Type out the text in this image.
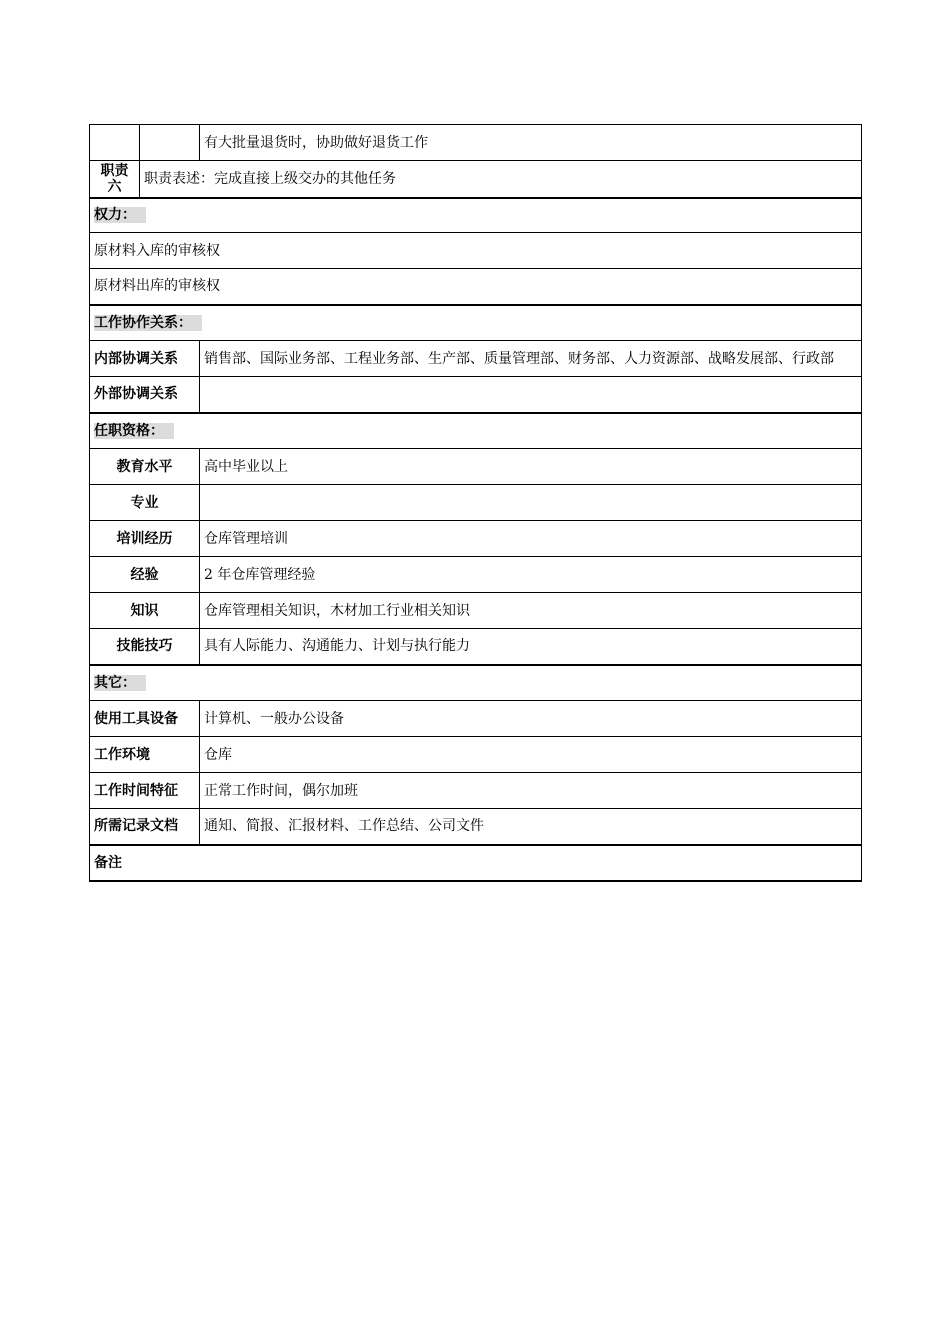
		有大批量退货时，协助做好退货工作

职责
六	职责表述：完成直接上级交办的其他任务	
权力：		
原材料入库的审核权		
原材料出库的审核权		
工作协作关系：		
内部协调关系		销售部、国际业务部、工程业务部、生产部、质量管理部、财务部、人力资源部、战略发展部、行政部
外部协调关系		
任职资格：		
教育水平		高中毕业以上
专业		
培训经历		仓库管理培训
经验		2 年仓库管理经验
知识		仓库管理相关知识，木材加工行业相关知识
技能技巧		具有人际能力、沟通能力、计划与执行能力
其它：		
使用工具设备		计算机、一般办公设备
工作环境		仓库
工作时间特征		正常工作时间，偶尔加班
所需记录文档		通知、简报、汇报材料、工作总结、公司文件
备注		
